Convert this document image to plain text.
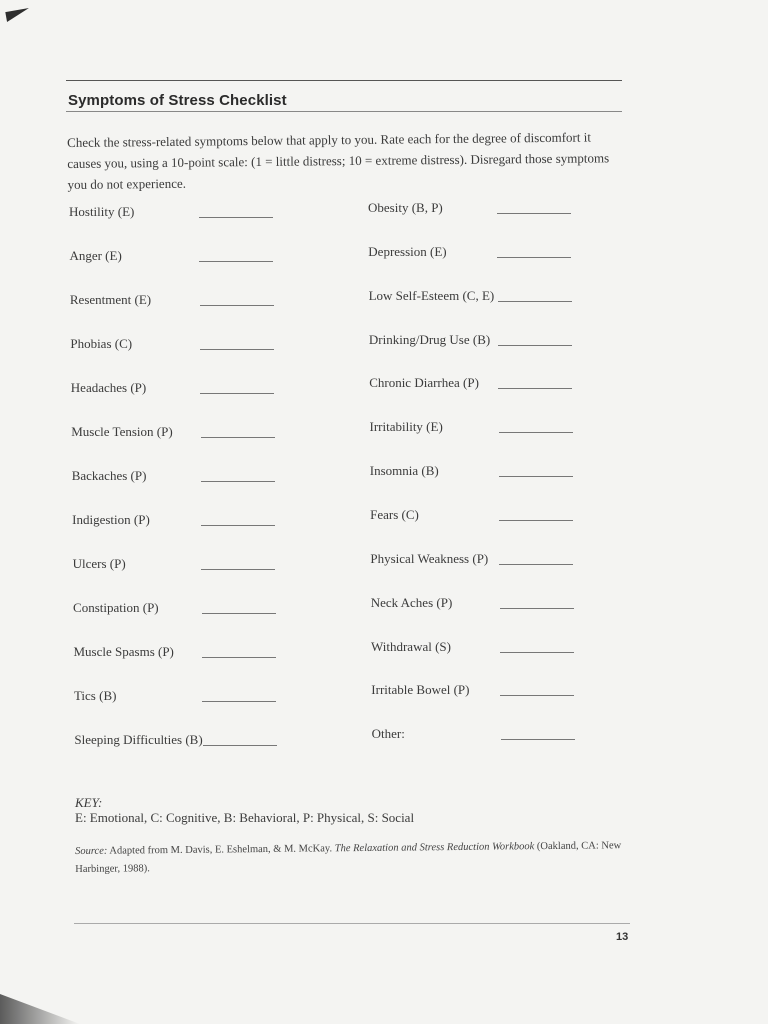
Symptoms of Stress Checklist
Check the stress-related symptoms below that apply to you. Rate each for the degree of discomfort it causes you, using a 10-point scale: (1 = little distress; 10 = extreme distress). Disregard those symptoms you do not experience.
Hostility (E)
Anger (E)
Resentment (E)
Phobias (C)
Headaches (P)
Muscle Tension (P)
Backaches (P)
Indigestion (P)
Ulcers (P)
Constipation (P)
Muscle Spasms (P)
Tics (B)
Sleeping Difficulties (B)
Obesity (B, P)
Depression (E)
Low Self-Esteem (C, E)
Drinking/Drug Use (B)
Chronic Diarrhea (P)
Irritability (E)
Insomnia (B)
Fears (C)
Physical Weakness (P)
Neck Aches (P)
Withdrawal (S)
Irritable Bowel (P)
Other:
KEY:
E: Emotional, C: Cognitive, B: Behavioral, P: Physical, S: Social
Source: Adapted from M. Davis, E. Eshelman, & M. McKay. The Relaxation and Stress Reduction Workbook (Oakland, CA: New Harbinger, 1988).
13
